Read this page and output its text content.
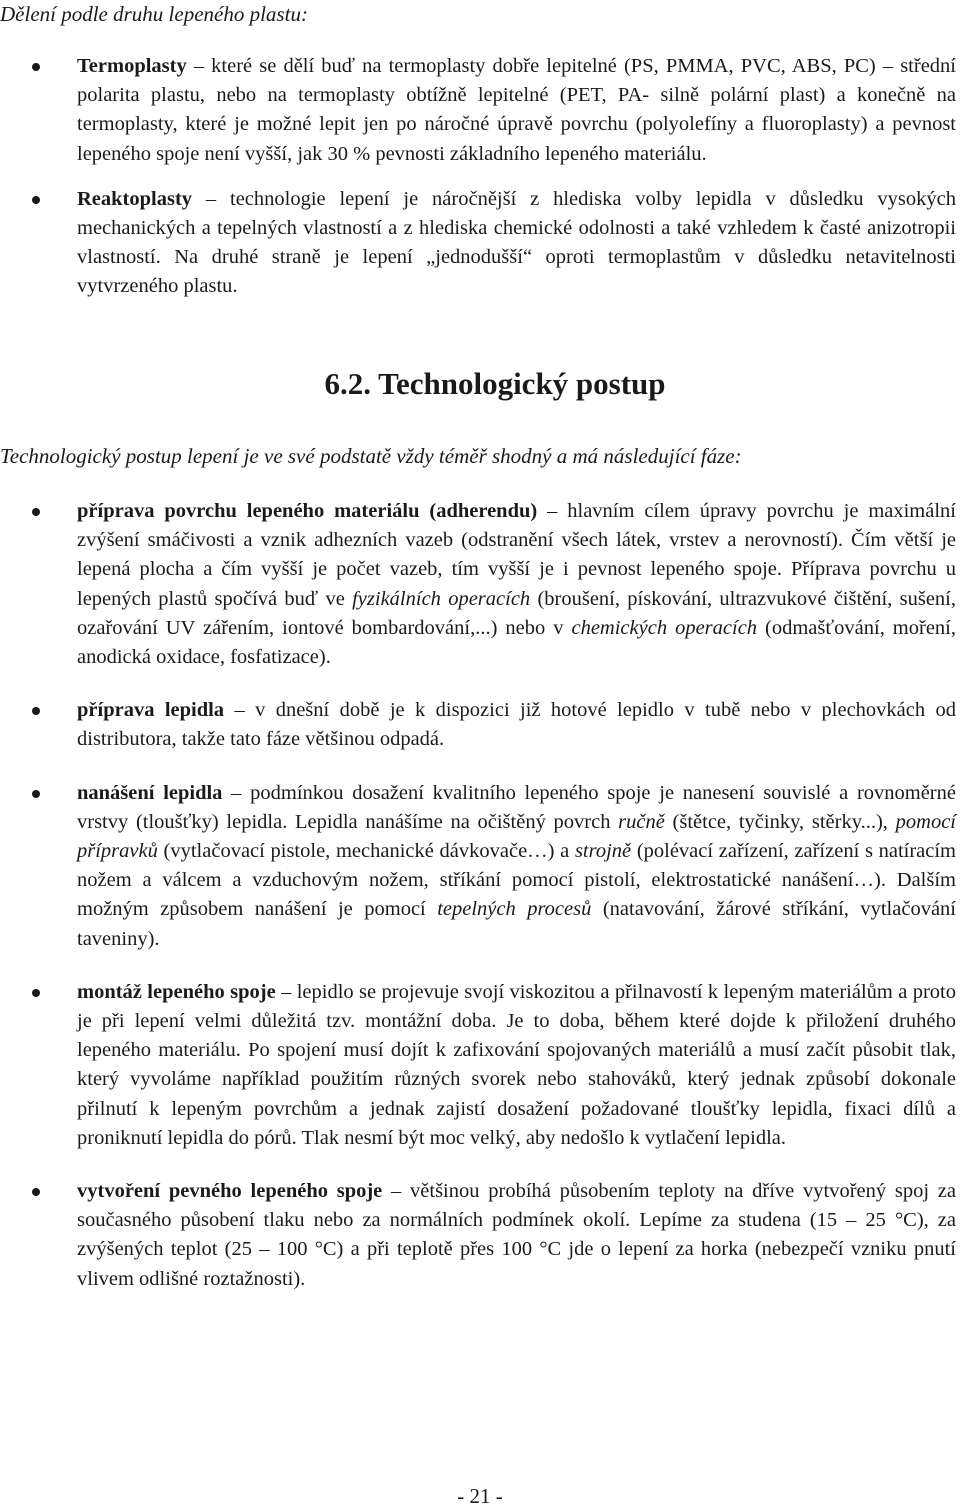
Dělení podle druhu lepeného plastu:

Termoplasty – které se dělí buď na termoplasty dobře lepitelné (PS, PMMA, PVC, ABS, PC) – střední polarita plastu, nebo na termoplasty obtížně lepitelné (PET, PA- silně polární plast) a konečně na termoplasty, které je možné lepit jen po náročné úpravě povrchu (polyolefíny a fluoroplasty) a pevnost lepeného spoje není vyšší, jak 30 % pevnosti základního lepeného materiálu.
Reaktoplasty – technologie lepení je náročnější z hlediska volby lepidla v důsledku vysokých mechanických a tepelných vlastností a z hlediska chemické odolnosti a také vzhledem k časté anizotropii vlastností. Na druhé straně je lepení „jednodušší“ oproti termoplastům v důsledku netavitelnosti vytvrzeného plastu.
6.2. Technologický postup

Technologický postup lepení je ve své podstatě vždy téměř shodný a má následující fáze:

příprava povrchu lepeného materiálu (adherendu) – hlavním cílem úpravy povrchu je maximální zvýšení smáčivosti a vznik adhezních vazeb (odstranění všech látek, vrstev a nerovností). Čím větší je lepená plocha a čím vyšší je počet vazeb, tím vyšší je i pevnost lepeného spoje. Příprava povrchu u lepených plastů spočívá buď ve fyzikálních operacích (broušení, pískování, ultrazvukové čištění, sušení, ozařování UV zářením, iontové bombardování,...) nebo v chemických operacích (odmašťování, moření, anodická oxidace, fosfatizace).
příprava lepidla – v dnešní době je k dispozici již hotové lepidlo v tubě nebo v plechovkách od distributora, takže tato fáze většinou odpadá.
nanášení lepidla – podmínkou dosažení kvalitního lepeného spoje je nanesení souvislé a rovnoměrné vrstvy (tloušťky) lepidla. Lepidla nanášíme na očištěný povrch ručně (štětce, tyčinky, stěrky...), pomocí přípravků (vytlačovací pistole, mechanické dávkovače…) a strojně (polévací zařízení, zařízení s natíracím nožem a válcem a vzduchovým nožem, stříkání pomocí pistolí, elektrostatické nanášení…). Dalším možným způsobem nanášení je pomocí tepelných procesů (natavování, žárové stříkání, vytlačování taveniny).
montáž lepeného spoje – lepidlo se projevuje svojí viskozitou a přilnavostí k lepeným materiálům a proto je při lepení velmi důležitá tzv. montážní doba. Je to doba, během které dojde k přiložení druhého lepeného materiálu. Po spojení musí dojít k zafixování spojovaných materiálů a musí začít působit tlak, který vyvoláme například použitím různých svorek nebo stahováků, který jednak způsobí dokonale přilnutí k lepeným povrchům a jednak zajistí dosažení požadované tloušťky lepidla, fixaci dílů a proniknutí lepidla do pórů. Tlak nesmí být moc velký, aby nedošlo k vytlačení lepidla.
vytvoření pevného lepeného spoje – většinou probíhá působením teploty na dříve vytvořený spoj za současného působení tlaku nebo za normálních podmínek okolí. Lepíme za studena (15 – 25 °C), za zvýšených teplot (25 – 100 °C) a při teplotě přes 100 °C jde o lepení za horka (nebezpečí vzniku pnutí vlivem odlišné roztažnosti).
- 21 -
